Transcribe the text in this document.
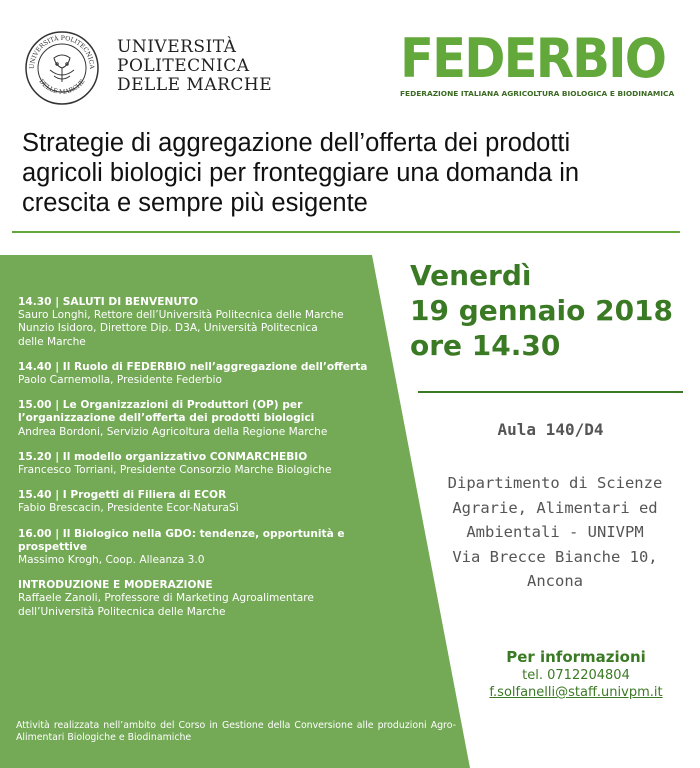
UNIVERSITÀ POLITECNICA
DELLE MARCHE
UNIVERSITÀ
POLITECNICA
DELLE MARCHE FEDERBIO
FEDERAZIONE ITALIANA AGRICOLTURA BIOLOGICA E BIODINAMICA
Strategie di aggregazione dell’offerta dei prodotti
agricoli biologici per fronteggiare una domanda in
crescita e sempre più esigente
14.30 | SALUTI DI BENVENUTO
Sauro Longhi, Rettore dell’Università Politecnica delle Marche
Nunzio Isidoro, Direttore Dip. D3A, Università Politecnica
delle Marche
14.40 | Il Ruolo di FEDERBIO nell’aggregazione dell’offerta
Paolo Carnemolla, Presidente Federbio
15.00 | Le Organizzazioni di Produttori (OP) per
l’organizzazione dell’offerta dei prodotti biologici
Andrea Bordoni, Servizio Agricoltura della Regione Marche
15.20 | Il modello organizzativo CONMARCHEBIO
Francesco Torriani, Presidente Consorzio Marche Biologiche
15.40 | I Progetti di Filiera di ECOR
Fabio Brescacin, Presidente Ecor-NaturaSì
16.00 | Il Biologico nella GDO: tendenze, opportunità e
prospettive
Massimo Krogh, Coop. Alleanza 3.0
INTRODUZIONE E MODERAZIONE
Raffaele Zanoli, Professore di Marketing Agroalimentare
dell’Università Politecnica delle Marche
Attività realizzata nell’ambito del Corso in Gestione della Conversione alle produzioni Agro-Alimentari Biologiche e Biodinamiche
Venerdì
19 gennaio 2018
ore 14.30
Aula 140/D4
Dipartimento di Scienze
Agrarie, Alimentari ed
Ambientali - UNIVPM
Via Brecce Bianche 10,
Ancona
Per informazioni
tel. 0712204804
f.solfanelli@staff.univpm.it
